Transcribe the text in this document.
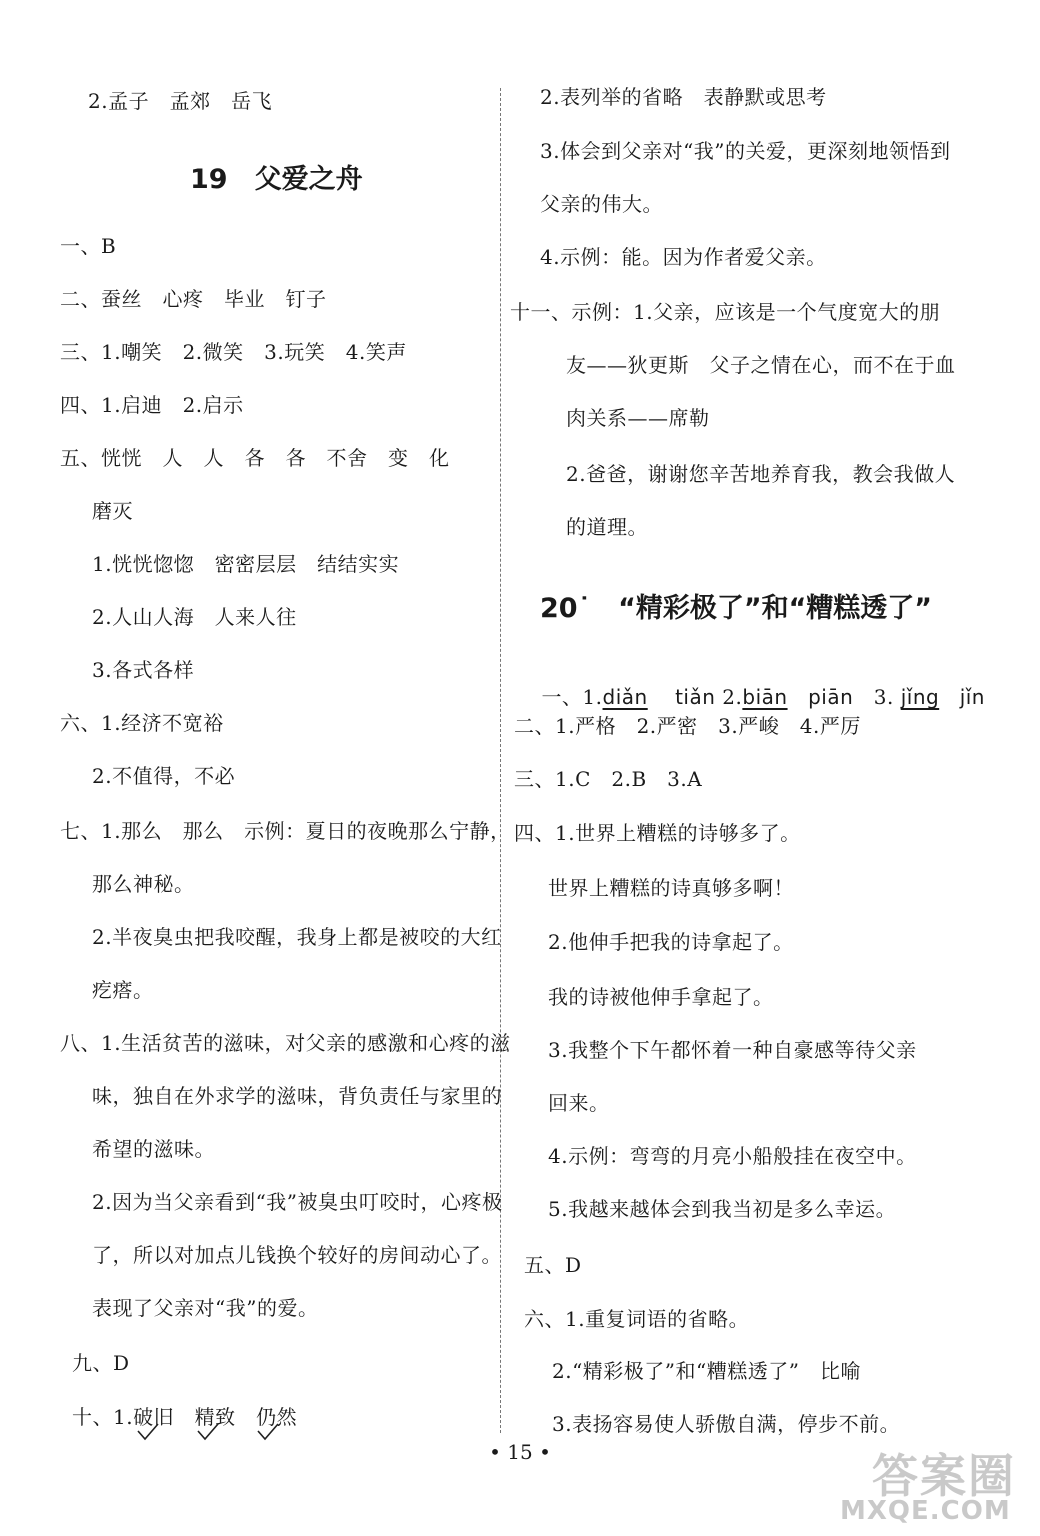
2.孟子　孟郊　岳飞
19　父爱之舟
一、B
二、蚕丝　心疼　毕业　钉子
三、1.嘲笑　2.微笑　3.玩笑　4.笑声
四、1.启迪　2.启示
五、恍恍　人　人　各　各　不舍　变　化
磨灭
1.恍恍惚惚　密密层层　结结实实
2.人山人海　人来人往
3.各式各样
六、1.经济不宽裕
2.不值得，不必
七、1.那么　那么　示例：夏日的夜晚那么宁静，
那么神秘。
2.半夜臭虫把我咬醒，我身上都是被咬的大红
疙瘩。
八、1.生活贫苦的滋味，对父亲的感激和心疼的滋
味，独自在外求学的滋味，背负责任与家里的
希望的滋味。
2.因为当父亲看到“我”被臭虫叮咬时，心疼极
了，所以对加点儿钱换个较好的房间动心了。
表现了父亲对“我”的爱。
九、D
十、1.破旧　精致　仍然
2.表列举的省略　表静默或思考
3.体会到父亲对“我”的关爱，更深刻地领悟到
父亲的伟大。
4.示例：能。因为作者爱父亲。
十一、示例：1.父亲，应该是一个气度宽大的朋
友——狄更斯　父子之情在心，而不在于血
肉关系——席勒
2.爸爸，谢谢您辛苦地养育我，教会我做人
的道理。
20˙　“精彩极了”和“糟糕透了”

一、1.diǎn　 tiǎn 2.biān　 piān　 3. jǐng　 jǐn

二、1.严格　2.严密　3.严峻　4.严厉
三、1.C　2.B　3.A
四、1.世界上糟糕的诗够多了。
世界上糟糕的诗真够多啊！
2.他伸手把我的诗拿起了。
我的诗被他伸手拿起了。
3.我整个下午都怀着一种自豪感等待父亲
回来。
4.示例：弯弯的月亮小船般挂在夜空中。
5.我越来越体会到我当初是多么幸运。
五、D
六、1.重复词语的省略。
2.“精彩极了”和“糟糕透了”　比喻
3.表扬容易使人骄傲自满，停步不前。
• 15 •	答案圈
MXQE.COM
